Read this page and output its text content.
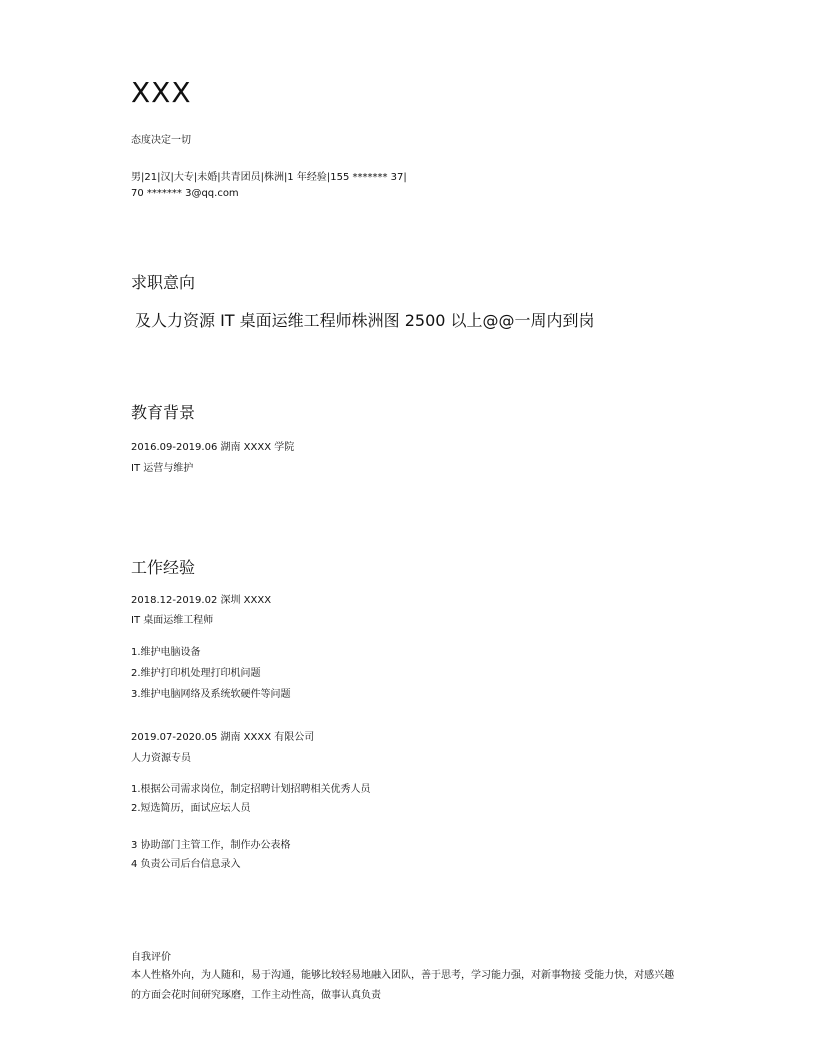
XXX
态度决定一切
男|21|汉|大专|未婚|共青团员|株洲|1 年经验|155 ******* 37|
70 ******* 3@qq.com
求职意向
及人力资源 IT 桌面运维工程师株洲图 2500 以上@@一周内到岗
教育背景
2016.09-2019.06 湖南 XXXX 学院
IT 运营与维护
工作经验
2018.12-2019.02 深圳 XXXX
IT 桌面运维工程师
1.维护电脑设备
2.维护打印机处理打印机问题
3.维护电脑网络及系统软硬件等问题
2019.07-2020.05 湖南 XXXX 有限公司
人力资源专员
1.根据公司需求岗位，制定招聘计划招聘相关优秀人员
2.短选简历，面试应坛人员
3 协助部门主管工作，制作办公表格
4 负责公司后台信息录入
自我评价
本人性格外向，为人随和，易于沟通，能够比较轻易地融入团队，善于思考，学习能力强，对新事物接 受能力快，对感兴趣
的方面会花时间研究琢磨，工作主动性高，做事认真负责
